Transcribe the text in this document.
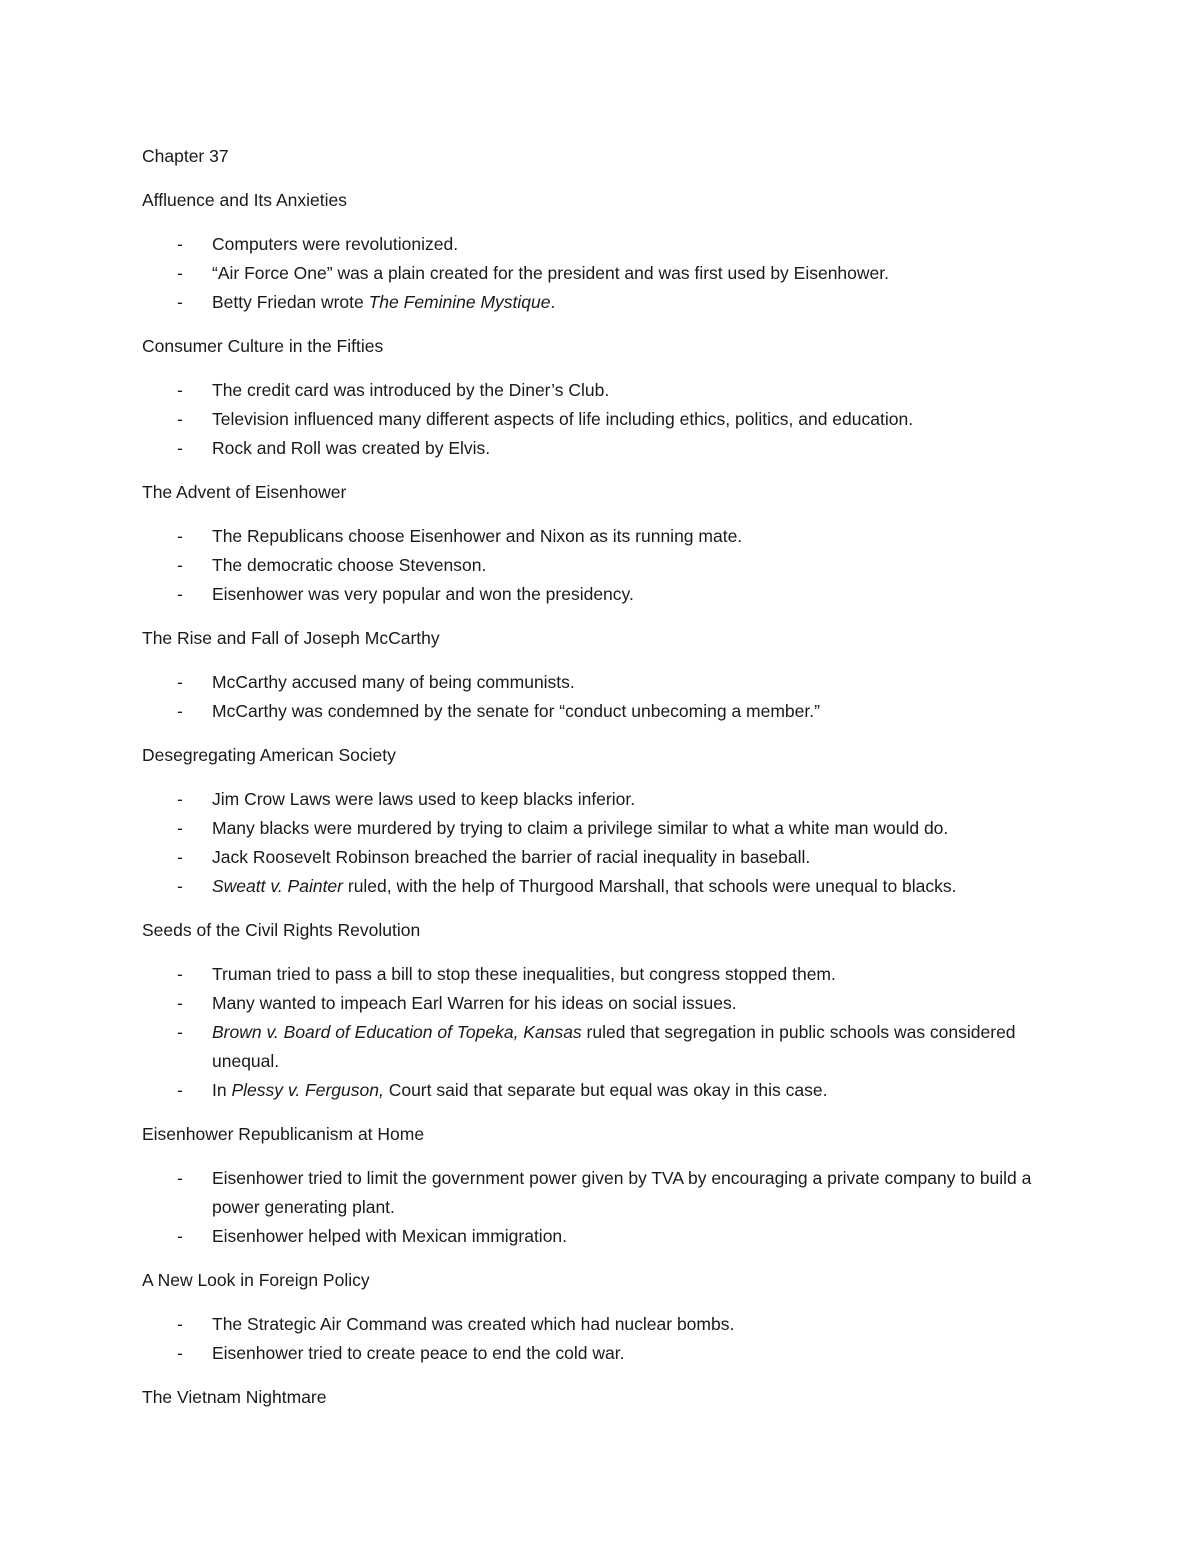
Chapter 37
Affluence and Its Anxieties
- Computers were revolutionized.
- “Air Force One” was a plain created for the president and was first used by Eisenhower.
- Betty Friedan wrote The Feminine Mystique.
Consumer Culture in the Fifties
- The credit card was introduced by the Diner’s Club.
- Television influenced many different aspects of life including ethics, politics, and education.
- Rock and Roll was created by Elvis.
The Advent of Eisenhower
- The Republicans choose Eisenhower and Nixon as its running mate.
- The democratic choose Stevenson.
- Eisenhower was very popular and won the presidency.
The Rise and Fall of Joseph McCarthy
- McCarthy accused many of being communists.
- McCarthy was condemned by the senate for “conduct unbecoming a member.”
Desegregating American Society
- Jim Crow Laws were laws used to keep blacks inferior.
- Many blacks were murdered by trying to claim a privilege similar to what a white man would do.
- Jack Roosevelt Robinson breached the barrier of racial inequality in baseball.
- Sweatt v. Painter ruled, with the help of Thurgood Marshall, that schools were unequal to blacks.
Seeds of the Civil Rights Revolution
- Truman tried to pass a bill to stop these inequalities, but congress stopped them.
- Many wanted to impeach Earl Warren for his ideas on social issues.
- Brown v. Board of Education of Topeka, Kansas ruled that segregation in public schools was considered unequal.
- In Plessy v. Ferguson, Court said that separate but equal was okay in this case.
Eisenhower Republicanism at Home
- Eisenhower tried to limit the government power given by TVA by encouraging a private company to build a power generating plant.
- Eisenhower helped with Mexican immigration.
A New Look in Foreign Policy
- The Strategic Air Command was created which had nuclear bombs.
- Eisenhower tried to create peace to end the cold war.
The Vietnam Nightmare
